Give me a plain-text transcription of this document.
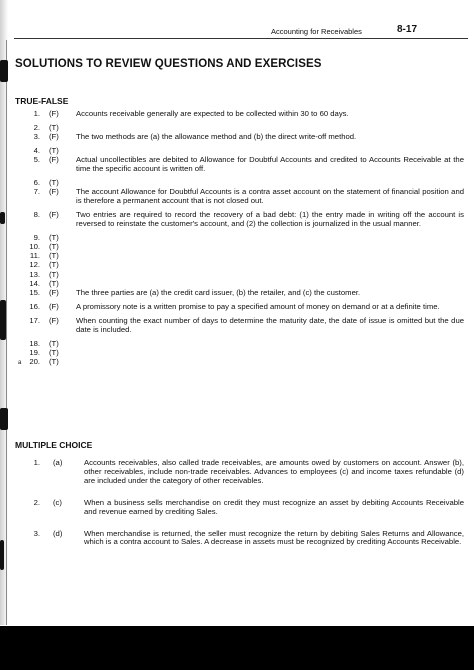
Accounting for Receivables	8-17
SOLUTIONS TO REVIEW QUESTIONS AND EXERCISES
TRUE-FALSE
1.	(F)	Accounts receivable generally are expected to be collected within 30 to 60 days.
2.	(T)
3.	(F)	The two methods are (a) the allowance method and (b) the direct write-off method.
4.	(T)
5.	(F)	Actual uncollectibles are debited to Allowance for Doubtful Accounts and credited to Accounts Receivable at the time the specific account is written off.
6.	(T)
7.	(F)	The account Allowance for Doubtful Accounts is a contra asset account on the statement of financial position and is therefore a permanent account that is not closed out.
8.	(F)	Two entries are required to record the recovery of a bad debt: (1) the entry made in writing off the account is reversed to reinstate the customer's account, and (2) the collection is journalized in the usual manner.
9.	(T)
10.	(T)
11.	(T)
12.	(T)
13.	(T)
14.	(T)
15.	(F)	The three parties are (a) the credit card issuer, (b) the retailer, and (c) the customer.
16.	(F)	A promissory note is a written promise to pay a specified amount of money on demand or at a definite time.
17.	(F)	When counting the exact number of days to determine the maturity date, the date of issue is omitted but the due date is included.
18.	(T)
19.	(T)
20.	(T)
a
MULTIPLE CHOICE
1.	(a)	Accounts receivables, also called trade receivables, are amounts owed by customers on account. Answer (b), other receivables, include non-trade receivables. Advances to employees (c) and income taxes refundable (d) are included under the category of other receivables.
2.	(c)	When a business sells merchandise on credit they must recognize an asset by debiting Accounts Receivable and revenue earned by crediting Sales.
3.	(d)	When merchandise is returned, the seller must recognize the return by debiting Sales Returns and Allowance, which is a contra account to Sales. A decrease in assets must be recognized by crediting Accounts Receivable.
